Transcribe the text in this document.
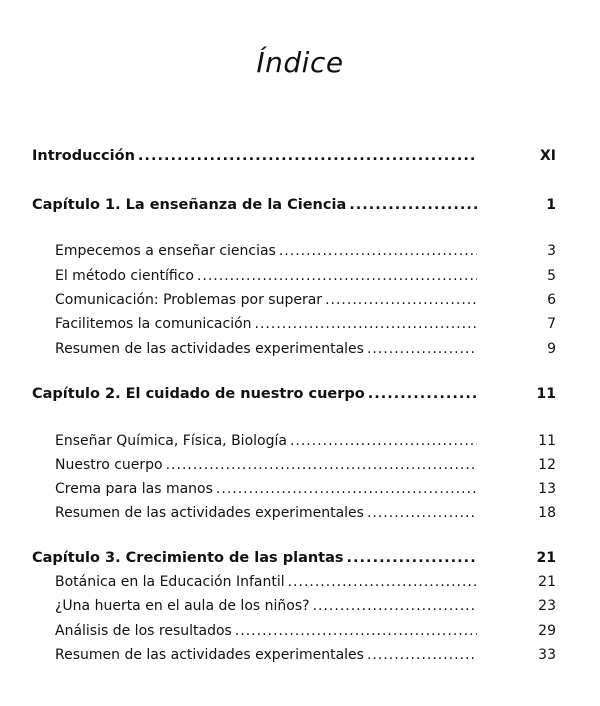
Índice
Introducción .....	XI
Capítulo 1. La enseñanza de la Ciencia .....	1
Empecemos a enseñar ciencias .....	3
El método científico .....	5
Comunicación: Problemas por superar .....	6
Facilitemos la comunicación .....	7
Resumen de las actividades experimentales .....	9
Capítulo 2. El cuidado de nuestro cuerpo .....	11
Enseñar Química, Física, Biología .....	11
Nuestro cuerpo .....	12
Crema para las manos .....	13
Resumen de las actividades experimentales .....	18
Capítulo 3. Crecimiento de las plantas .....	21
Botánica en la Educación Infantil .....	21
¿Una huerta en el aula de los niños? .....	23
Análisis de los resultados .....	29
Resumen de las actividades experimentales .....	33
